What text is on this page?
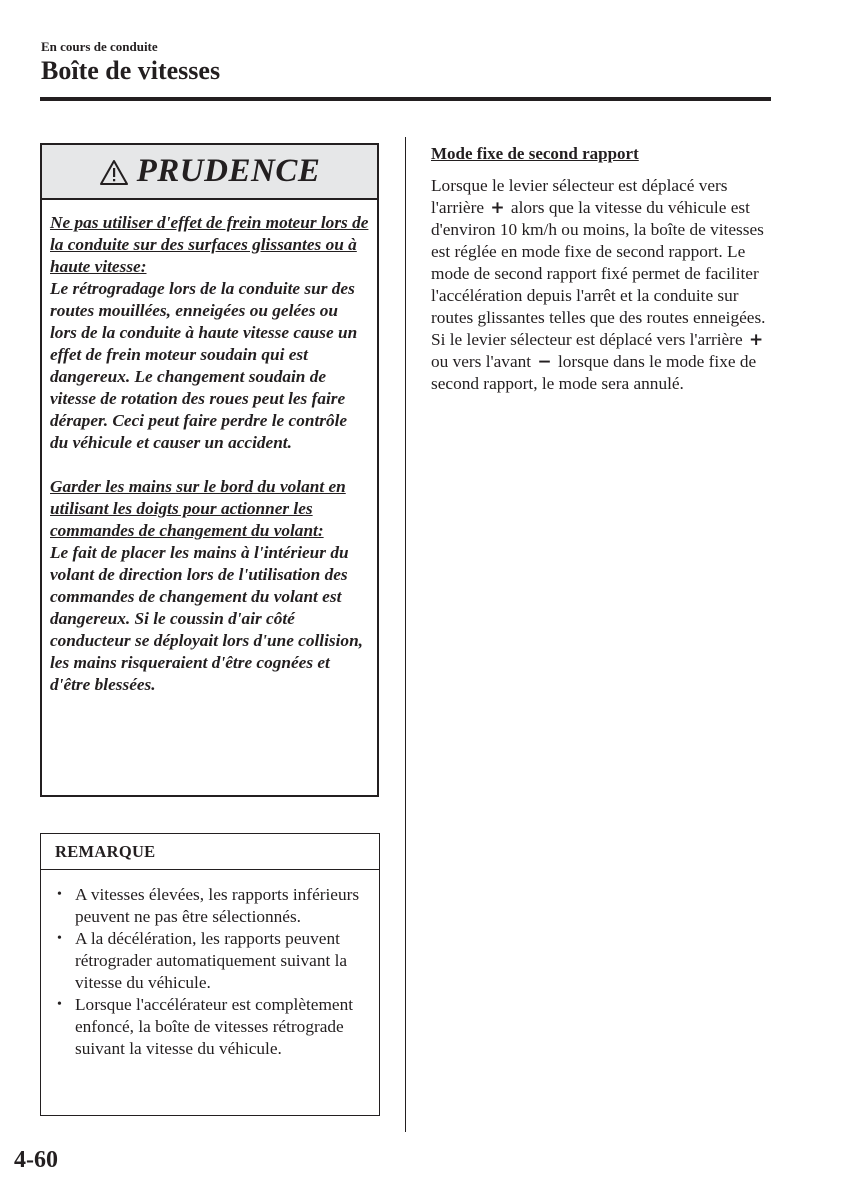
En cours de conduite
Boîte de vitesses
PRUDENCE

Ne pas utiliser d'effet de frein moteur lors de la conduite sur des surfaces glissantes ou à haute vitesse:
Le rétrogradage lors de la conduite sur des routes mouillées, enneigées ou gelées ou lors de la conduite à haute vitesse cause un effet de frein moteur soudain qui est dangereux. Le changement soudain de vitesse de rotation des roues peut les faire déraper. Ceci peut faire perdre le contrôle du véhicule et causer un accident.

Garder les mains sur le bord du volant en utilisant les doigts pour actionner les commandes de changement du volant:
Le fait de placer les mains à l'intérieur du volant de direction lors de l'utilisation des commandes de changement du volant est dangereux. Si le coussin d'air côté conducteur se déployait lors d'une collision, les mains risqueraient d'être cognées et d'être blessées.

REMARQUE
• A vitesses élevées, les rapports inférieurs peuvent ne pas être sélectionnés.
• A la décélération, les rapports peuvent rétrograder automatiquement suivant la vitesse du véhicule.
• Lorsque l'accélérateur est complètement enfoncé, la boîte de vitesses rétrograde suivant la vitesse du véhicule.
Mode fixe de second rapport

Lorsque le levier sélecteur est déplacé vers l'arrière + alors que la vitesse du véhicule est d'environ 10 km/h ou moins, la boîte de vitesses est réglée en mode fixe de second rapport. Le mode de second rapport fixé permet de faciliter l'accélération depuis l'arrêt et la conduite sur routes glissantes telles que des routes enneigées.

Si le levier sélecteur est déplacé vers l'arrière + ou vers l'avant − lorsque dans le mode fixe de second rapport, le mode sera annulé.

4-60
